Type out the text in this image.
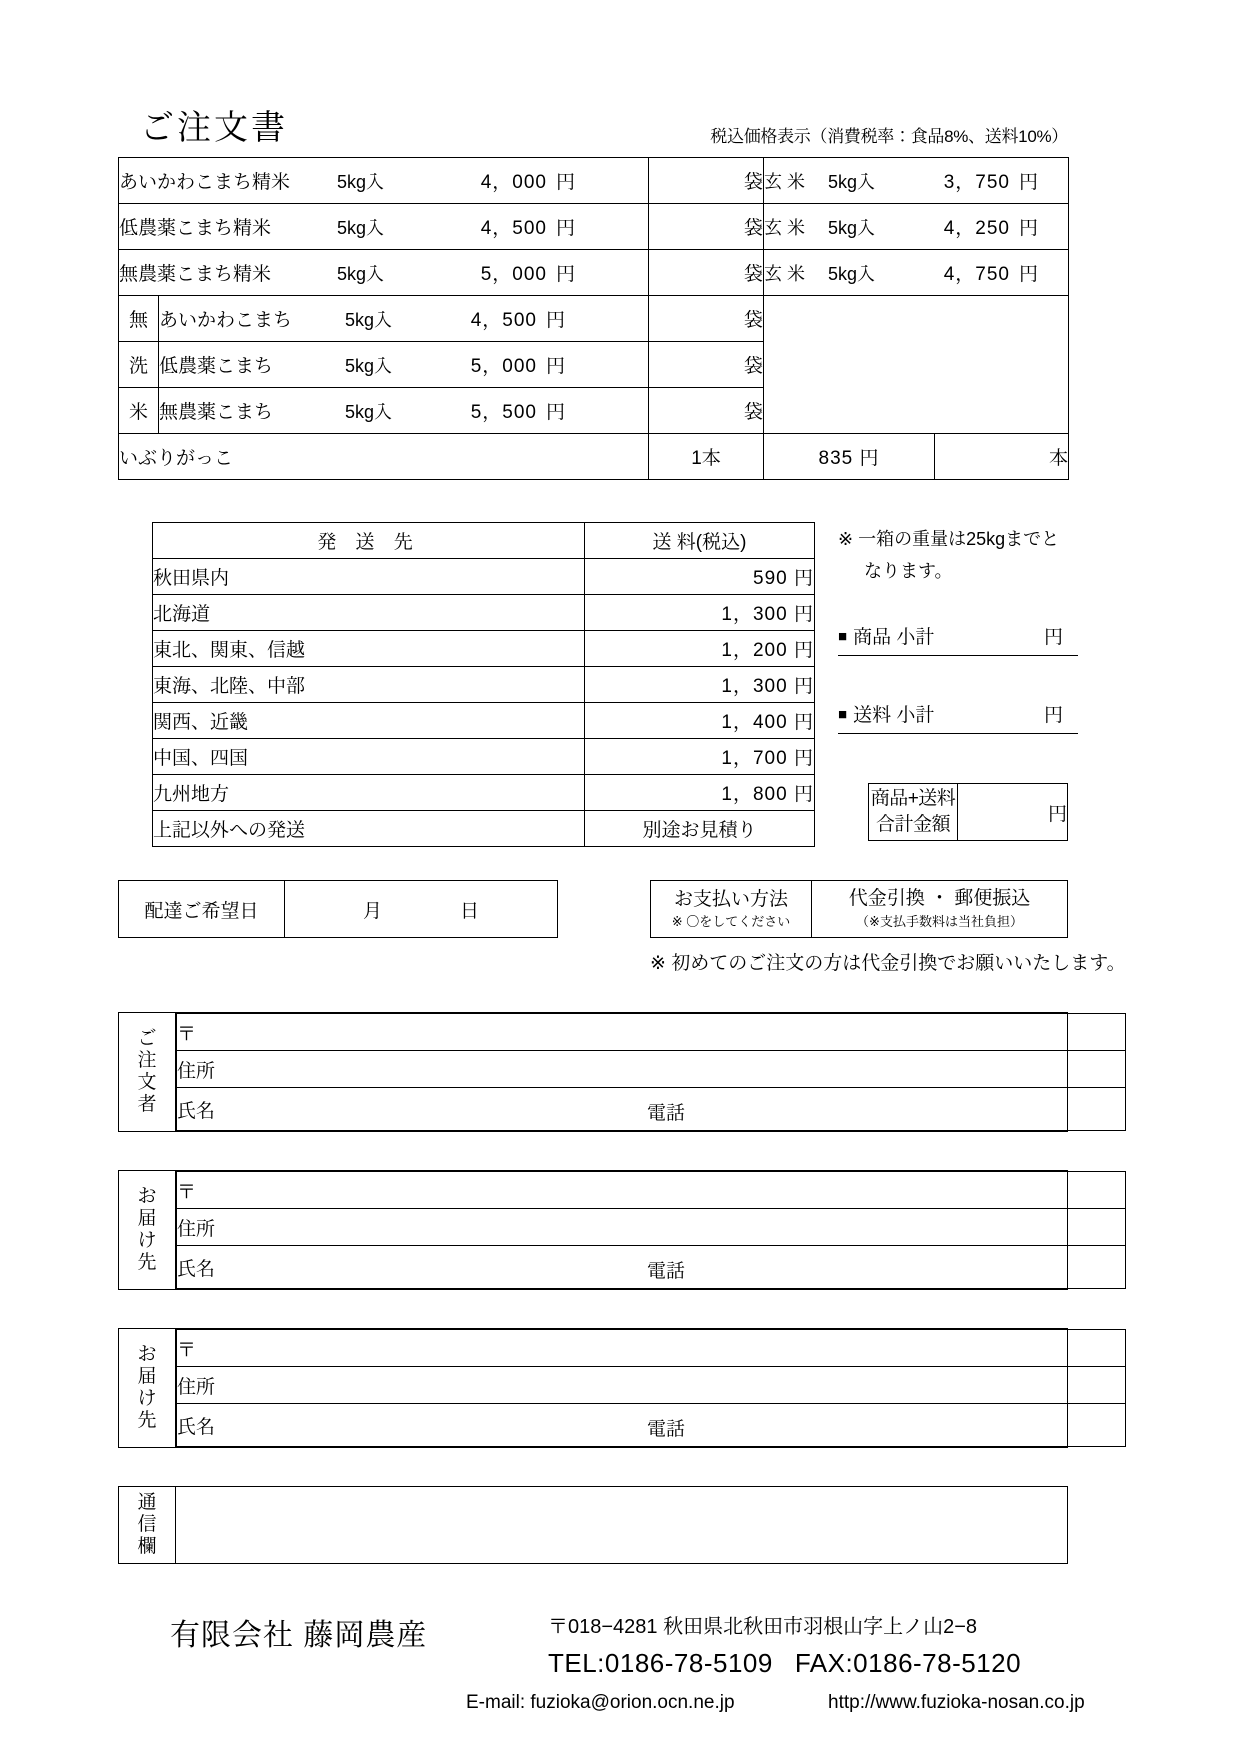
ご注文書	税込価格表示（消費税率：食品8%、送料10%）
あいかわこまち精米	5kg入	4，000 円	袋	玄 米 5kg入	3，750 円
低農薬こまち精米	5kg入	4，500 円	袋	玄 米 5kg入	4，250 円
無農薬こまち精米	5kg入	5，000 円	袋	玄 米 5kg入	4，750 円
無	あいかわこまち	5kg入	4，500 円	袋	
洗	低農薬こまち	5kg入	5，000 円	袋
米	無農薬こまち	5kg入	5，500 円	袋
いぶりがっこ	1本		835 円	本
発 送 先	送 料(税込)
秋田県内	590 円
北海道	1，300 円
東北、関東、信越	1，200 円
東海、北陸、中部	1，300 円
関西、近畿	1，400 円
中国、四国	1，700 円
九州地方	1，800 円
上記以外への発送	別途お見積り
※ 一箱の重量は25kgまでと
なります。
■ 商品 小計	円
■ 送料 小計	円
商品+送料
合計金額	円
配達ご希望日	月	日
お支払い方法
※ 〇をしてください
	代金引換 ・ 郵便振込
（※支払手数料は当社負担）
※ 初めてのご注文の方は代金引換でお願いいたします。
ご
注
文
者

〒
住所
氏名	電話
お
届
け
先

〒
住所
氏名	電話
お
届
け
先

〒
住所
氏名	電話
通
信
欄

有限会社 藤岡農産	〒018−4281 秋田県北秋田市羽根山字上ノ山2−8
TEL:0186-78-5109 FAX:0186-78-5120
E-mail: fuzioka@orion.ocn.ne.jp	http://www.fuzioka-nosan.co.jp
